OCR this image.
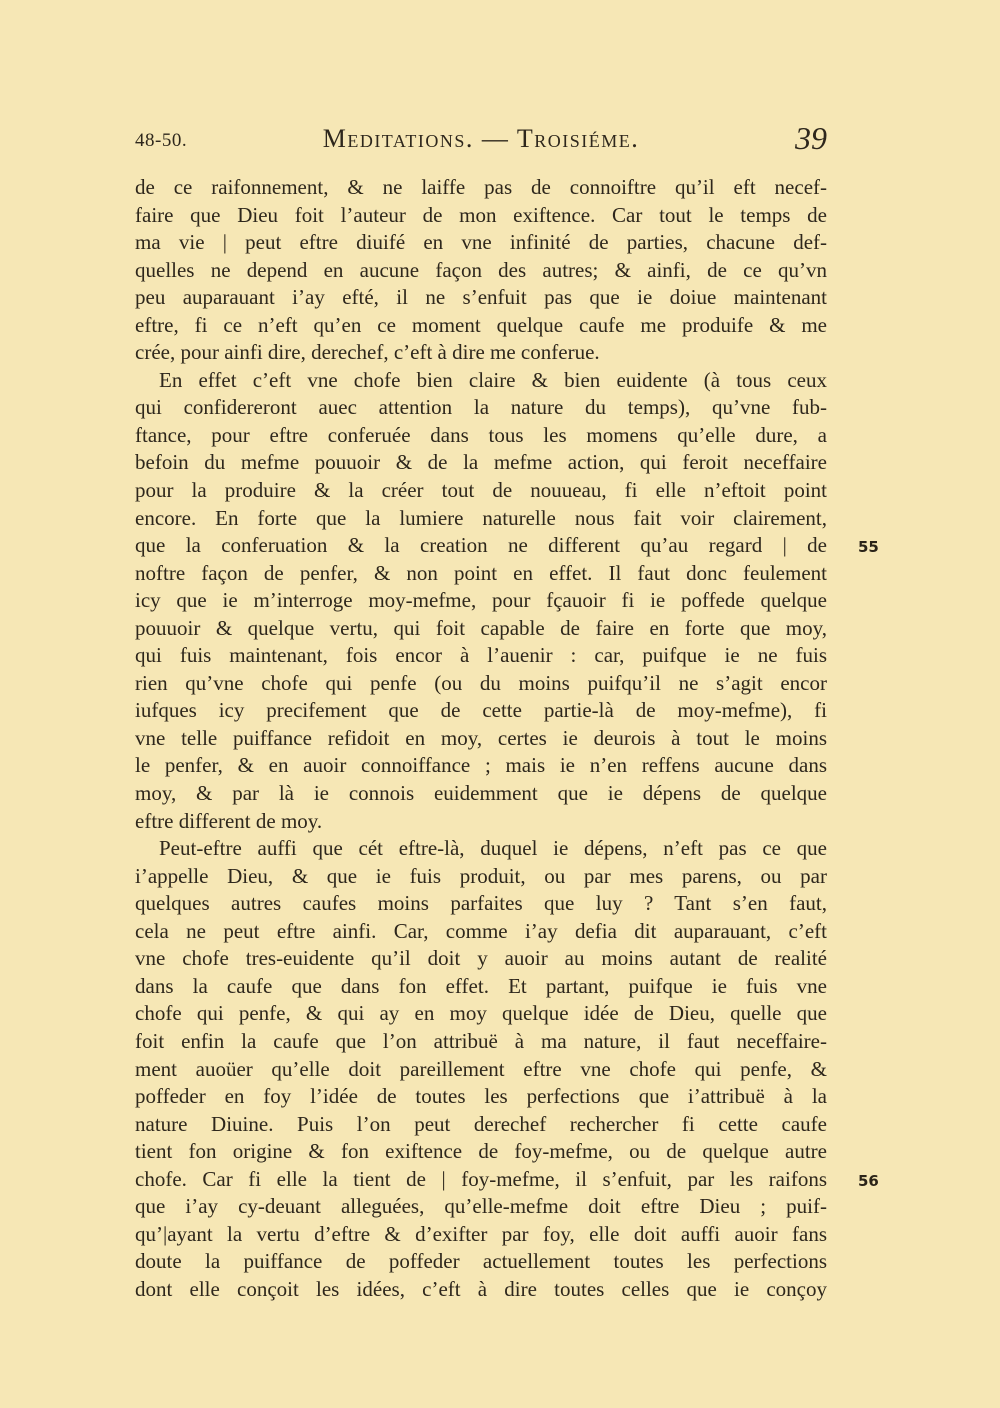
48-50.	Meditations. — Troisiéme.	39
de ce raifonnement, & ne laiffe pas de connoiftre qu’il eft necef-
faire que Dieu foit l’auteur de mon exiftence. Car tout le temps de
ma vie | peut eftre diuifé en vne infinité de parties, chacune def-
quelles ne depend en aucune façon des autres; & ainfi, de ce qu’vn
peu auparauant i’ay efté, il ne s’enfuit pas que ie doiue maintenant
eftre, fi ce n’eft qu’en ce moment quelque caufe me produife & me
crée, pour ainfi dire, derechef, c’eft à dire me conferue.
En effet c’eft vne chofe bien claire & bien euidente (à tous ceux
qui confidereront auec attention la nature du temps), qu’vne fub-
ftance, pour eftre conferuée dans tous les momens qu’elle dure, a
befoin du mefme pouuoir & de la mefme action, qui feroit neceffaire
pour la produire & la créer tout de nouueau, fi elle n’eftoit point
encore. En forte que la lumiere naturelle nous fait voir clairement,
que la conferuation & la creation ne different qu’au regard | de
noftre façon de penfer, & non point en effet. Il faut donc feulement
icy que ie m’interroge moy-mefme, pour fçauoir fi ie poffede quelque
pouuoir & quelque vertu, qui foit capable de faire en forte que moy,
qui fuis maintenant, fois encor à l’auenir : car, puifque ie ne fuis
rien qu’vne chofe qui penfe (ou du moins puifqu’il ne s’agit encor
iufques icy precifement que de cette partie-là de moy-mefme), fi
vne telle puiffance refidoit en moy, certes ie deurois à tout le moins
le penfer, & en auoir connoiffance ; mais ie n’en reffens aucune dans
moy, & par là ie connois euidemment que ie dépens de quelque
eftre different de moy.
Peut-eftre auffi que cét eftre-là, duquel ie dépens, n’eft pas ce que
i’appelle Dieu, & que ie fuis produit, ou par mes parens, ou par
quelques autres caufes moins parfaites que luy ? Tant s’en faut,
cela ne peut eftre ainfi. Car, comme i’ay defia dit auparauant, c’eft
vne chofe tres-euidente qu’il doit y auoir au moins autant de realité
dans la caufe que dans fon effet. Et partant, puifque ie fuis vne
chofe qui penfe, & qui ay en moy quelque idée de Dieu, quelle que
foit enfin la caufe que l’on attribuë à ma nature, il faut neceffaire-
ment auoüer qu’elle doit pareillement eftre vne chofe qui penfe, &
poffeder en foy l’idée de toutes les perfections que i’attribuë à la
nature Diuine. Puis l’on peut derechef rechercher fi cette caufe
tient fon origine & fon exiftence de foy-mefme, ou de quelque autre
chofe. Car fi elle la tient de | foy-mefme, il s’enfuit, par les raifons
que i’ay cy-deuant alleguées, qu’elle-mefme doit eftre Dieu ; puif-
qu’|ayant la vertu d’eftre & d’exifter par foy, elle doit auffi auoir fans
doute la puiffance de poffeder actuellement toutes les perfections
dont elle conçoit les idées, c’eft à dire toutes celles que ie conçoy
55
56
